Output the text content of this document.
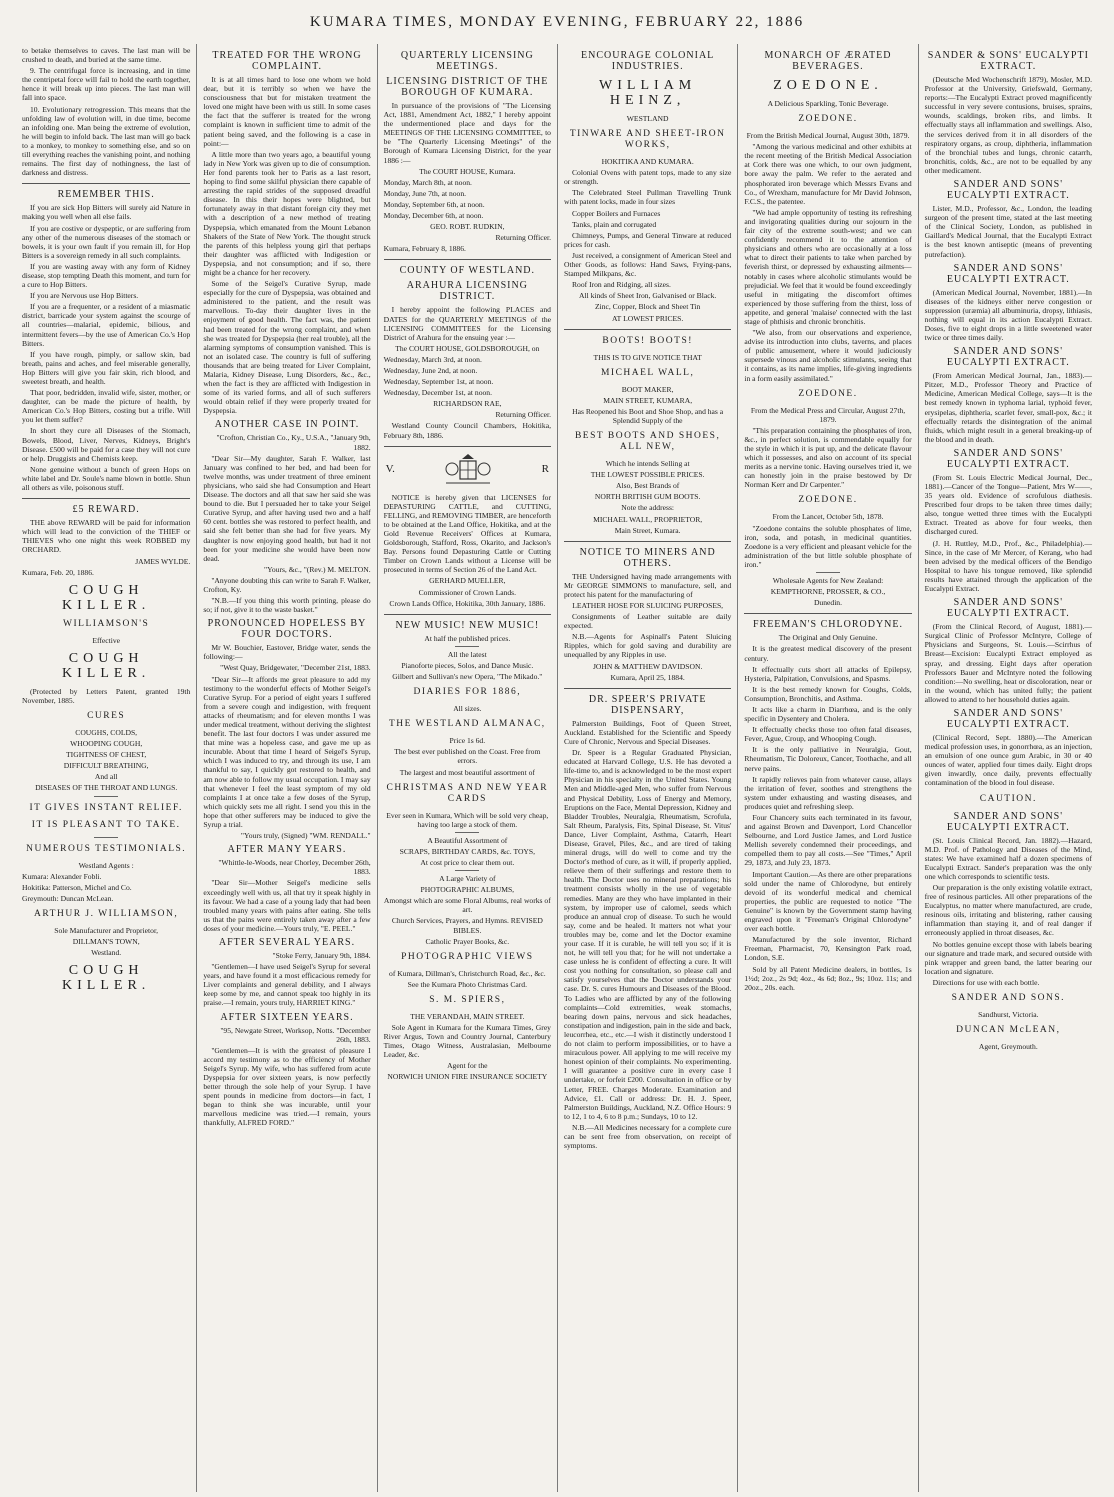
KUMARA TIMES, MONDAY EVENING, FEBRUARY 22, 1886

to betake themselves to caves. The last man will be crushed to death, and buried at the same time.

9. The centrifugal force is increasing, and in time the centripetal force will fail to hold the earth together, hence it will break up into pieces. The last man will fall into space.

10. Evolutionary retrogression. This means that the unfolding law of evolution will, in due time, become an infolding one. Man being the extreme of evolution, he will begin to infold back. The last man will go back to a monkey, to monkey to something else, and so on till everything reaches the vanishing point, and nothing remains. The first day of nothingness, the last of darkness and distress.

REMEMBER THIS.

If you are sick Hop Bitters will surely aid Nature in making you well when all else fails.

If you are costive or dyspeptic, or are suffering from any other of the numerous diseases of the stomach or bowels, it is your own fault if you remain ill, for Hop Bitters is a sovereign remedy in all such complaints.

If you are wasting away with any form of Kidney disease, stop tempting Death this moment, and turn for a cure to Hop Bitters.

If you are Nervous use Hop Bitters.

If you are a frequenter, or a resident of a miasmatic district, barricade your system against the scourge of all countries—malarial, epidemic, bilious, and intermittent fevers—by the use of American Co.'s Hop Bitters.

If you have rough, pimply, or sallow skin, bad breath, pains and aches, and feel miserable generally, Hop Bitters will give you fair skin, rich blood, and sweetest breath, and health.

That poor, bedridden, invalid wife, sister, mother, or daughter, can be made the picture of health, by American Co.'s Hop Bitters, costing but a trifle. Will you let them suffer?

In short they cure all Diseases of the Stomach, Bowels, Blood, Liver, Nerves, Kidneys, Bright's Disease. £500 will be paid for a case they will not cure or help. Druggists and Chemists keep.

None genuine without a bunch of green Hops on white label and Dr. Soule's name blown in bottle. Shun all others as vile, poisonous stuff.

£5 REWARD.

THE above REWARD will be paid for information which will lead to the conviction of the THIEF or THIEVES who one night this week ROBBED my ORCHARD.

JAMES WYLDE.

Kumara, Feb. 20, 1886.

COUGH KILLER.
WILLIAMSON'S

Effective

COUGH KILLER.

(Protected by Letters Patent, granted 19th November, 1885.

CURES

COUGHS, COLDS,

WHOOPING COUGH,

TIGHTNESS OF CHEST,

DIFFICULT BREATHING,

And all

DISEASES OF THE THROAT AND LUNGS.

IT GIVES INSTANT RELIEF.
IT IS PLEASANT TO TAKE.
NUMEROUS TESTIMONIALS.

Westland Agents :

Kumara: Alexander Fobli.

Hokitika: Patterson, Michel and Co.

Greymouth: Duncan McLean.

ARTHUR J. WILLIAMSON,

Sole Manufacturer and Proprietor,

DILLMAN'S TOWN,

Westland.

COUGH KILLER.
TREATED FOR THE WRONG COMPLAINT.

It is at all times hard to lose one whom we hold dear, but it is terribly so when we have the consciousness that but for mistaken treatment the loved one might have been with us still. In some cases the fact that the sufferer is treated for the wrong complaint is known in sufficient time to admit of the patient being saved, and the following is a case in point:—

A little more than two years ago, a beautiful young lady in New York was given up to die of consumption. Her fond parents took her to Paris as a last resort, hoping to find some skilful physician there capable of arresting the rapid strides of the supposed dreadful disease. In this their hopes were blighted, but fortunately away in that distant foreign city they met with a description of a new method of treating Dyspepsia, which emanated from the Mount Lebanon Shakers of the State of New York. The thought struck the parents of this helpless young girl that perhaps their daughter was afflicted with Indigestion or Dyspepsia, and not consumption; and if so, there might be a chance for her recovery.

Some of the Seigel's Curative Syrup, made especially for the cure of Dyspepsia, was obtained and administered to the patient, and the result was marvellous. To-day their daughter lives in the enjoyment of good health. The fact was, the patient had been treated for the wrong complaint, and when she was treated for Dyspepsia (her real trouble), all the alarming symptoms of consumption vanished. This is not an isolated case. The country is full of suffering thousands that are being treated for Liver Complaint, Malaria, Kidney Disease, Lung Disorders, &c., &c., when the fact is they are afflicted with Indigestion in some of its varied forms, and all of such sufferers would obtain relief if they were properly treated for Dyspepsia.

ANOTHER CASE IN POINT.

"Crofton, Christian Co., Ky., U.S.A., "January 9th, 1882.

"Dear Sir—My daughter, Sarah F. Walker, last January was confined to her bed, and had been for twelve months, was under treatment of three eminent physicians, who said she had Consumption and Heart Disease. The doctors and all that saw her said she was bound to die. But I persuaded her to take your Seigel Curative Syrup, and after having used two and a half 60 cent. bottles she was restored to perfect health, and said she felt better than she had for five years. My daughter is now enjoying good health, but had it not been for your medicine she would have been now dead.

"Yours, &c., "(Rev.) M. MELTON.

"Anyone doubting this can write to Sarah F. Walker, Crofton, Ky.

"N.B.—If you thing this worth printing, please do so; if not, give it to the waste basket."

PRONOUNCED HOPELESS BY FOUR DOCTORS.

Mr W. Bouchier, Eastover, Bridge water, sends the following:—

"West Quay, Bridgewater, "December 21st, 1883.

"Dear Sir—It affords me great pleasure to add my testimony to the wonderful effects of Mother Seigel's Curative Syrup. For a period of eight years I suffered from a severe cough and indigestion, with frequent attacks of rheumatism; and for eleven months I was under medical treatment, without deriving the slightest benefit. The last four doctors I was under assured me that mine was a hopeless case, and gave me up as incurable. About that time I heard of Seigel's Syrup, which I was induced to try, and through its use, I am thankful to say, I quickly got restored to health, and am now able to follow my usual occupation. I may say that whenever I feel the least symptom of my old complaints I at once take a few doses of the Syrup, which quickly sets me all right. I send you this in the hope that other sufferers may be induced to give the Syrup a trial.

"Yours truly, (Signed) "WM. RENDALL."

AFTER MANY YEARS.

"Whittle-le-Woods, near Chorley, December 26th, 1883.

"Dear Sir—Mother Seigel's medicine sells exceedingly well with us, all that try it speak highly in its favour. We had a case of a young lady that had been troubled many years with pains after eating. She tells us that the pains were entirely taken away after a few doses of your medicine.—Yours truly, "E. PEEL."

AFTER SEVERAL YEARS.

"Stoke Ferry, January 9th, 1884.

"Gentlemen—I have used Seigel's Syrup for several years, and have found it a most efficacious remedy for Liver complaints and general debility, and I always keep some by me, and cannot speak too highly in its praise.—I remain, yours truly, HARRIET KING."

AFTER SIXTEEN YEARS.

"95, Newgate Street, Worksop, Notts. "December 26th, 1883.

"Gentlemen—It is with the greatest of pleasure I accord my testimony as to the efficiency of Mother Seigel's Syrup. My wife, who has suffered from acute Dyspepsia for over sixteen years, is now perfectly better through the sole help of your Syrup. I have spent pounds in medicine from doctors—in fact, I began to think she was incurable, until your marvellous medicine was tried.—I remain, yours thankfully, ALFRED FORD."

QUARTERLY LICENSING MEETINGS.
LICENSING DISTRICT OF THE BOROUGH OF KUMARA.

In pursuance of the provisions of "The Licensing Act, 1881, Amendment Act, 1882," I hereby appoint the undermentioned place and days for the MEETINGS OF THE LICENSING COMMITTEE, to be "The Quarterly Licensing Meetings" of the Borough of Kumara Licensing District, for the year 1886 :—

The COURT HOUSE, Kumara.

Monday, March 8th, at noon.

Monday, June 7th, at noon.

Monday, September 6th, at noon.

Monday, December 6th, at noon.

GEO. ROBT. RUDKIN,

Returning Officer.

Kumara, February 8, 1886.

COUNTY OF WESTLAND.
ARAHURA LICENSING DISTRICT.

I hereby appoint the following PLACES and DATES for the QUARTERLY MEETINGS of the LICENSING COMMITTEES for the Licensing District of Arahura for the ensuing year :—

The COURT HOUSE, GOLDSBOROUGH, on

Wednesday, March 3rd, at noon.

Wednesday, June 2nd, at noon.

Wednesday, September 1st, at noon.

Wednesday, December 1st, at noon.

RICHARDSON RAE,

Returning Officer.

Westland County Council Chambers, Hokitika, February 8th, 1886.

V.	R

NOTICE is hereby given that LICENSES for DEPASTURING CATTLE, and CUTTING, FELLING, and REMOVING TIMBER, are henceforth to be obtained at the Land Office, Hokitika, and at the Gold Revenue Receivers' Offices at Kumara, Goldsborough, Stafford, Ross, Okarito, and Jackson's Bay. Persons found Depasturing Cattle or Cutting Timber on Crown Lands without a License will be prosecuted in terms of Section 26 of the Land Act.

GERHARD MUELLER,

Commissioner of Crown Lands.

Crown Lands Office, Hokitika, 30th January, 1886.

NEW MUSIC! NEW MUSIC!

At half the published prices.

All the latest

Pianoforte pieces, Solos, and Dance Music.

Gilbert and Sullivan's new Opera, "The Mikado."

DIARIES FOR 1886,

All sizes.

THE WESTLAND ALMANAC,

Price 1s 6d.

The best ever published on the Coast. Free from errors.

The largest and most beautiful assortment of

CHRISTMAS AND NEW YEAR CARDS

Ever seen in Kumara, Which will be sold very cheap, having too large a stock of them.

A Beautiful Assortment of

SCRAPS, BIRTHDAY CARDS, &c. TOYS,

At cost price to clear them out.

A Large Variety of

PHOTOGRAPHIC ALBUMS,

Amongst which are some Floral Albums, real works of art.

Church Services, Prayers, and Hymns. REVISED BIBLES.

Catholic Prayer Books, &c.

PHOTOGRAPHIC VIEWS

of Kumara, Dillman's, Christchurch Road, &c., &c.

See the Kumara Photo Christmas Card.

S. M. SPIERS,

THE VERANDAH, MAIN STREET.

Sole Agent in Kumara for the Kumara Times, Grey River Argus, Town and Country Journal, Canterbury Times, Otago Witness, Australasian, Melbourne Leader, &c.

Agent for the

NORWICH UNION FIRE INSURANCE SOCIETY

ENCOURAGE COLONIAL INDUSTRIES.
WILLIAM HEINZ,

WESTLAND

TINWARE AND SHEET-IRON WORKS,

HOKITIKA AND KUMARA.

Colonial Ovens with patent tops, made to any size or strength.

The Celebrated Steel Pullman Travelling Trunk with patent locks, made in four sizes

Copper Boilers and Furnaces

Tanks, plain and corrugated

Chimneys, Pumps, and General Tinware at reduced prices for cash.

Just received, a consignment of American Steel and Other Goods, as follows: Hand Saws, Frying-pans, Stamped Milkpans, &c.

Roof Iron and Ridging, all sizes.

All kinds of Sheet Iron, Galvanised or Black.

Zinc, Copper, Block and Sheet Tin

AT LOWEST PRICES.

BOOTS! BOOTS!

THIS IS TO GIVE NOTICE THAT

MICHAEL WALL,

BOOT MAKER,

MAIN STREET, KUMARA,

Has Reopened his Boot and Shoe Shop, and has a Splendid Supply of the

BEST BOOTS AND SHOES, ALL NEW,

Which he intends Selling at

THE LOWEST POSSIBLE PRICES.

Also, Best Brands of

NORTH BRITISH GUM BOOTS.

Note the address:

MICHAEL WALL, PROPRIETOR,

Main Street, Kumara.

NOTICE TO MINERS AND OTHERS.

THE Undersigned having made arrangements with Mr GEORGE SIMMONS to manufacture, sell, and protect his patent for the manufacturing of

LEATHER HOSE FOR SLUICING PURPOSES,

Consignments of Leather suitable are daily expected.

N.B.—Agents for Aspinall's Patent Sluicing Ripples, which for gold saving and durability are unequalled by any Ripples in use.

JOHN & MATTHEW DAVIDSON.

Kumara, April 25, 1884.

DR. SPEER'S PRIVATE DISPENSARY,

Palmerston Buildings, Foot of Queen Street, Auckland. Established for the Scientific and Speedy Cure of Chronic, Nervous and Special Diseases.

Dr. Speer is a Regular Graduated Physician, educated at Harvard College, U.S. He has devoted a life-time to, and is acknowledged to be the most expert Physician in his specialty in the United States. Young Men and Middle-aged Men, who suffer from Nervous and Physical Debility, Loss of Energy and Memory, Eruptions on the Face, Mental Depression, Kidney and Bladder Troubles, Neuralgia, Rheumatism, Scrofula, Salt Rheum, Paralysis, Fits, Spinal Disease, St. Vitus' Dance, Liver Complaint, Asthma, Catarrh, Heart Disease, Gravel, Piles, &c., and are tired of taking mineral drugs, will do well to come and try the Doctor's method of cure, as it will, if properly applied, relieve them of their sufferings and restore them to health. The Doctor uses no mineral preparations; his treatment consists wholly in the use of vegetable remedies. Many are they who have implanted in their system, by improper use of calomel, seeds which produce an annual crop of disease. To such he would say, come and be healed. It matters not what your troubles may be, come and let the Doctor examine your case. If it is curable, he will tell you so; if it is not, he will tell you that; for he will not undertake a case unless he is confident of effecting a cure. It will cost you nothing for consultation, so please call and satisfy yourselves that the Doctor understands your case. Dr. S. cures Humours and Diseases of the Blood. To Ladies who are afflicted by any of the following complaints—Cold extremities, weak stomachs, bearing down pains, nervous and sick headaches, constipation and indigestion, pain in the side and back, leucorrhea, etc., etc.—I wish it distinctly understood I do not claim to perform impossibilities, or to have a miraculous power. All applying to me will receive my honest opinion of their complaints. No experimenting. I will guarantee a positive cure in every case I undertake, or forfeit £200. Consultation in office or by Letter, FREE. Charges Moderate. Examination and Advice, £1. Call or address: Dr. H. J. Speer, Palmerston Buildings, Auckland, N.Z. Office Hours: 9 to 12, 1 to 4, 6 to 8 p.m.; Sundays, 10 to 12.

N.B.—All Medicines necessary for a complete cure can be sent free from observation, on receipt of symptoms.

MONARCH OF ÆRATED BEVERAGES.
ZOEDONE.

A Delicious Sparkling, Tonic Beverage.

ZOEDONE.

From the British Medical Journal, August 30th, 1879.

"Among the various medicinal and other exhibits at the recent meeting of the British Medical Association at Cork there was one which, to our own judgment, bore away the palm. We refer to the aerated and phosphorated iron beverage which Messrs Evans and Co., of Wrexham, manufacture for Mr David Johnson, F.C.S., the patentee.

"We had ample opportunity of testing its refreshing and invigorating qualities during our sojourn in the fair city of the extreme south-west; and we can confidently recommend it to the attention of physicians and others who are occasionally at a loss what to direct their patients to take when parched by feverish thirst, or depressed by exhausting ailments—notably in cases where alcoholic stimulants would be prejudicial. We feel that it would be found exceedingly useful in mitigating the discomfort oftimes experienced by those suffering from the thirst, loss of appetite, and general 'malaise' connected with the last stage of phthisis and chronic bronchitis.

"We also, from our observations and experience, advise its introduction into clubs, taverns, and places of public amusement, where it would judiciously supersede vinous and alcoholic stimulants, seeing that it contains, as its name implies, life-giving ingredients in a form easily assimilated."

ZOEDONE.

From the Medical Press and Circular, August 27th, 1879.

"This preparation containing the phosphates of iron, &c., in perfect solution, is commendable equally for the style in which it is put up, and the delicate flavour which it possesses, and also on account of its special merits as a nervine tonic. Having ourselves tried it, we can honestly join in the praise bestowed by Dr Norman Kerr and Dr Carpenter."

ZOEDONE.

From the Lancet, October 5th, 1878.

"Zoedone contains the soluble phosphates of lime, iron, soda, and potash, in medicinal quantities. Zoedone is a very efficient and pleasant vehicle for the administration of the but little soluble phosphate of iron."

Wholesale Agents for New Zealand:

KEMPTHORNE, PROSSER, & CO.,

Dunedin.

FREEMAN'S CHLORODYNE.

The Original and Only Genuine.

It is the greatest medical discovery of the present century.

It effectually cuts short all attacks of Epilepsy, Hysteria, Palpitation, Convulsions, and Spasms.

It is the best remedy known for Coughs, Colds, Consumption, Bronchitis, and Asthma.

It acts like a charm in Diarrhœa, and is the only specific in Dysentery and Cholera.

It effectually checks those too often fatal diseases, Fever, Ague, Croup, and Whooping Cough.

It is the only palliative in Neuralgia, Gout, Rheumatism, Tic Doloreux, Cancer, Toothache, and all nerve pains.

It rapidly relieves pain from whatever cause, allays the irritation of fever, soothes and strengthens the system under exhausting and wasting diseases, and produces quiet and refreshing sleep.

Four Chancery suits each terminated in its favour, and against Brown and Davenport, Lord Chancellor Selbourne, and Lord Justice James, and Lord Justice Mellish severely condemned their proceedings, and compelled them to pay all costs.—See "Times," April 29, 1873, and July 23, 1873.

Important Caution.—As there are other preparations sold under the name of Chlorodyne, but entirely devoid of its wonderful medical and chemical properties, the public are requested to notice "The Genuine" is known by the Government stamp having engraved upon it "Freeman's Original Chlorodyne" over each bottle.

Manufactured by the sole inventor, Richard Freeman, Pharmacist, 70, Kensington Park road, London, S.E.

Sold by all Patent Medicine dealers, in bottles, 1s 1½d; 2oz., 2s 9d; 4oz., 4s 6d; 8oz., 9s; 10oz. 11s; and 20oz., 20s. each.

SANDER & SONS' EUCALYPTI EXTRACT.

(Deutsche Med Wochenschrift 1879), Mosler, M.D. Professor at the University, Griefswald, Germany, reports:—The Eucalypti Extract proved magnificently successful in very severe contusions, bruises, sprains, wounds, scaldings, broken ribs, and limbs. It effectually stays all inflammation and swellings. Also, the services derived from it in all disorders of the respiratory organs, as croup, diphtheria, inflammation of the bronchial tubes and lungs, chronic catarrh, bronchitis, colds, &c., are not to be equalled by any other medicament.

SANDER AND SONS' EUCALYPTI EXTRACT.

Lister, M.D., Professor, &c., London, the leading surgeon of the present time, stated at the last meeting of the Clinical Society, London, as published in Gaillard's Medical Journal, that the Eucalypti Extract is the best known antiseptic (means of preventing putrefaction).

SANDER AND SONS' EUCALYPTI EXTRACT.

(American Medical Journal, November, 1881).—In diseases of the kidneys either nerve congestion or suppression (uræmia) all albuminuria, dropsy, lithiasis, nothing will equal in its action Eucalypti Extract. Doses, five to eight drops in a little sweetened water twice or three times daily.

SANDER AND SONS' EUCALYPTI EXTRACT.

(From American Medical Journal, Jan., 1883).—Pitzer, M.D., Professor Theory and Practice of Medicine, American Medical College, says—It is the best remedy known in typhoma larial, typhoid fever, erysipelas, diphtheria, scarlet fever, small-pox, &c.; it effectually retards the disintegration of the animal fluids, which might result in a general breaking-up of the blood and in death.

SANDER AND SONS' EUCALYPTI EXTRACT.

(From St. Louis Electric Medical Journal, Dec., 1881).—Cancer of the Tongue—Patient, Mrs W——, 35 years old. Evidence of scrofulous diathesis. Prescribed four drops to be taken three times daily; also, tongue wetted three times with the Eucalypti Extract. Treated as above for four weeks, then discharged cured.

(J. H. Ruttley, M.D., Prof., &c., Philadelphia).—Since, in the case of Mr Mercer, of Kerang, who had been advised by the medical officers of the Bendigo Hospital to have his tongue removed, like splendid results have attained through the application of the Eucalypti Extract.

SANDER AND SONS' EUCALYPTI EXTRACT.

(From the Clinical Record, of August, 1881).—Surgical Clinic of Professor McIntyre, College of Physicians and Surgeons, St. Louis.—Scirrhus of Breast—Excision: Eucalypti Extract employed as spray, and dressing. Eight days after operation Professors Bauer and McIntyre noted the following condition:—No swelling, heat or discoloration, near or in the wound, which has united fully; the patient allowed to attend to her household duties again.

SANDER AND SONS' EUCALYPTI EXTRACT.

(Clinical Record, Sept. 1880).—The American medical profession uses, in gonorrhœa, as an injection, an emulsion of one ounce gum Arabic, in 30 or 40 ounces of water, applied four times daily. Eight drops given inwardly, once daily, prevents effectually contamination of the blood in foul disease.

CAUTION.
SANDER AND SONS' EUCALYPTI EXTRACT.

(St. Louis Clinical Record, Jan. 1882).—Hazard, M.D. Prof. of Pathology and Diseases of the Mind, states: We have examined half a dozen specimens of Eucalypti Extract. Sander's preparation was the only one which corresponds to scientific tests.

Our preparation is the only existing volatile extract, free of resinous particles. All other preparations of the Eucalyptus, no matter where manufactured, are crude, resinous oils, irritating and blistering, rather causing inflammation than staying it, and of real danger if erroneously applied in throat diseases, &c.

No bottles genuine except those with labels bearing our signature and trade mark, and secured outside with pink wrapper and green band, the latter bearing our location and signature.

Directions for use with each bottle.

SANDER AND SONS.

Sandhurst, Victoria.

DUNCAN McLEAN,

Agent, Greymouth.
